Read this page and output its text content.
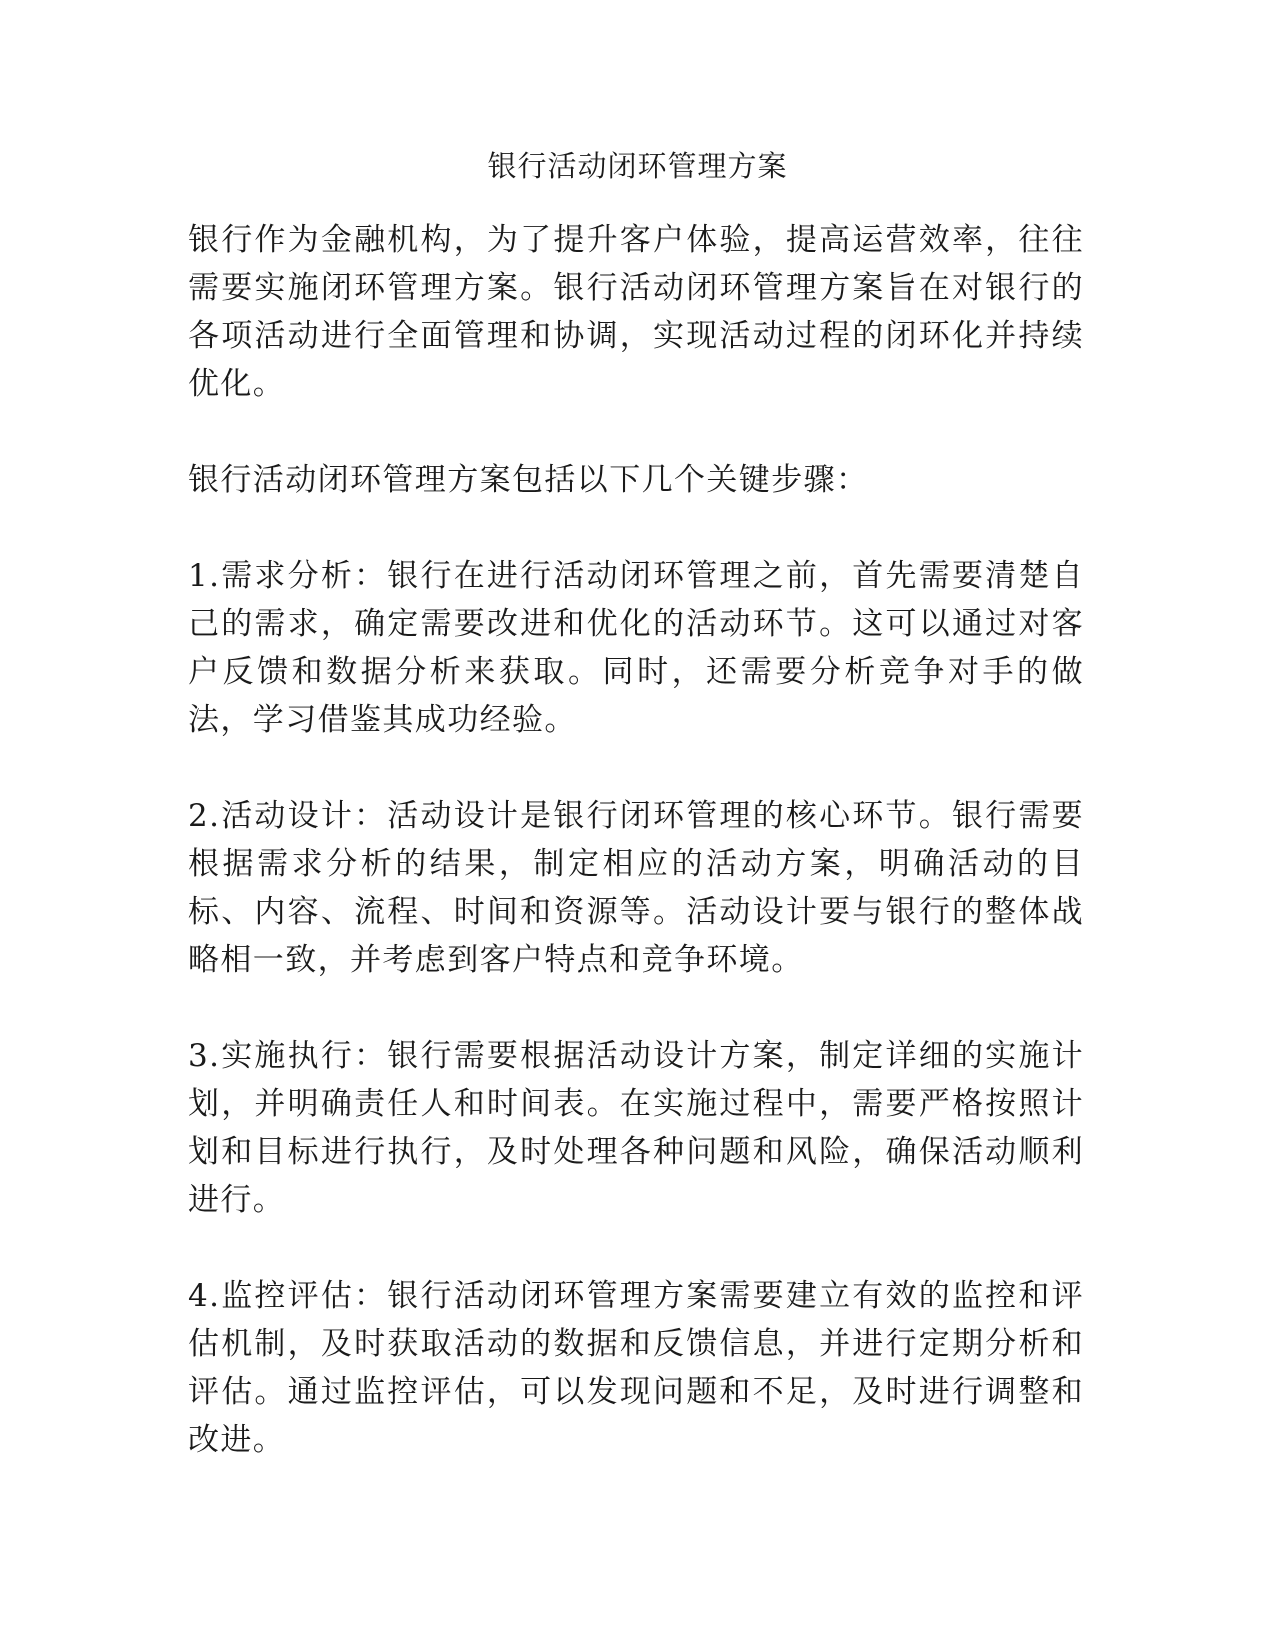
银行活动闭环管理方案

银行作为金融机构，为了提升客户体验，提高运营效率，往往需要实施闭环管理方案。银行活动闭环管理方案旨在对银行的各项活动进行全面管理和协调，实现活动过程的闭环化并持续优化。

银行活动闭环管理方案包括以下几个关键步骤：

1.需求分析：银行在进行活动闭环管理之前，首先需要清楚自己的需求，确定需要改进和优化的活动环节。这可以通过对客户反馈和数据分析来获取。同时，还需要分析竞争对手的做法，学习借鉴其成功经验。

2.活动设计：活动设计是银行闭环管理的核心环节。银行需要根据需求分析的结果，制定相应的活动方案，明确活动的目标、内容、流程、时间和资源等。活动设计要与银行的整体战略相一致，并考虑到客户特点和竞争环境。

3.实施执行：银行需要根据活动设计方案，制定详细的实施计划，并明确责任人和时间表。在实施过程中，需要严格按照计划和目标进行执行，及时处理各种问题和风险，确保活动顺利进行。

4.监控评估：银行活动闭环管理方案需要建立有效的监控和评估机制，及时获取活动的数据和反馈信息，并进行定期分析和评估。通过监控评估，可以发现问题和不足，及时进行调整和改进。
